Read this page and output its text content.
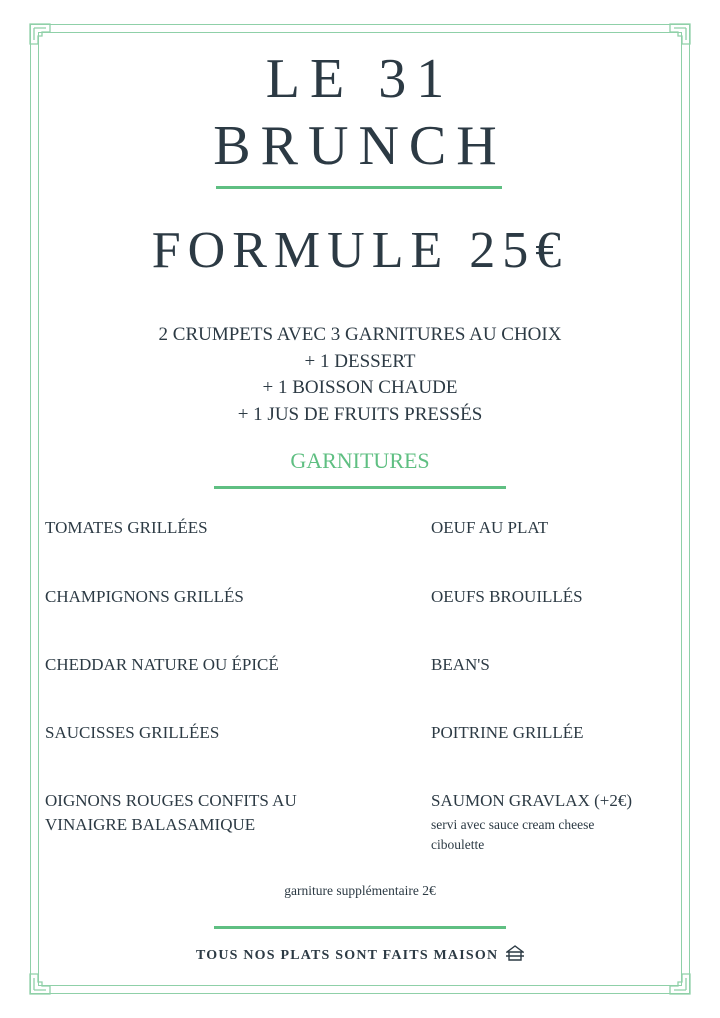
LE 31
BRUNCH
FORMULE 25€
2 CRUMPETS AVEC 3 GARNITURES AU CHOIX
+ 1 DESSERT
+ 1 BOISSON CHAUDE
+ 1 JUS DE FRUITS PRESSÉS
GARNITURES
TOMATES GRILLÉES
CHAMPIGNONS GRILLÉS
CHEDDAR NATURE OU ÉPICÉ
SAUCISSES GRILLÉES
OIGNONS ROUGES CONFITS AU VINAIGRE BALASAMIQUE
OEUF AU PLAT
OEUFS BROUILLÉS
BEAN'S
POITRINE GRILLÉE
SAUMON GRAVLAX (+2€)
servi avec sauce cream cheese ciboulette
garniture supplémentaire 2€
TOUS NOS PLATS SONT FAITS MAISON
